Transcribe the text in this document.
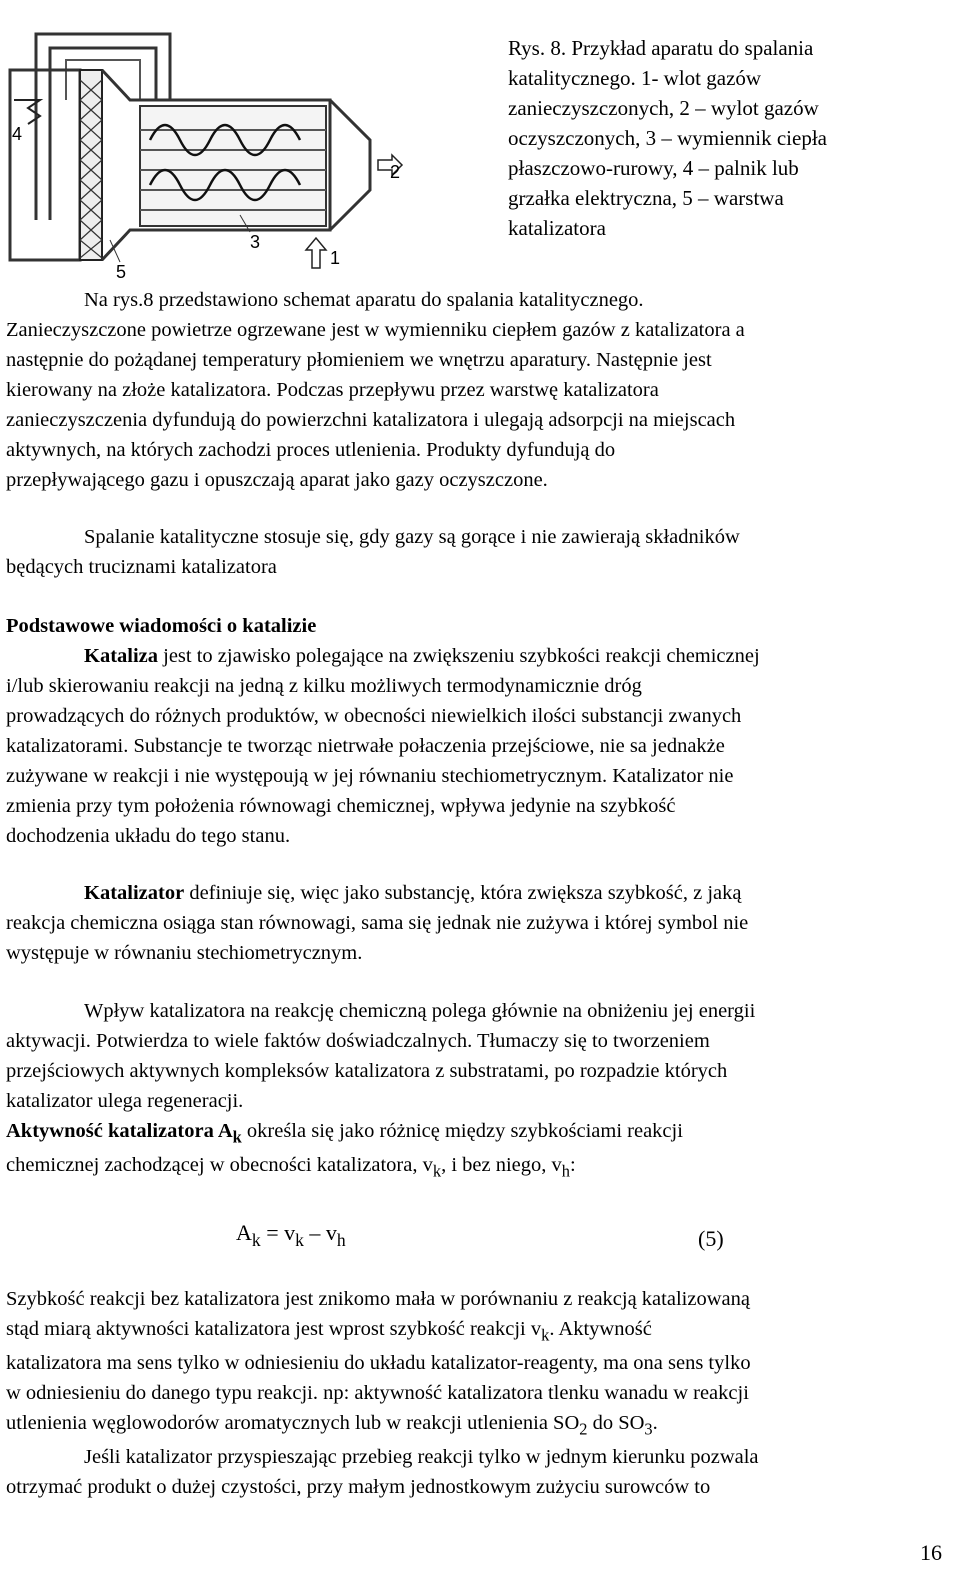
4
2
3
5
1
Rys. 8. Przykład aparatu do spalania
katalitycznego. 1- wlot gazów
zanieczyszczonych, 2 – wylot gazów
oczyszczonych, 3 – wymiennik ciepła
płaszczowo-rurowy, 4 – palnik lub
grzałka elektryczna, 5 – warstwa
katalizatora
Na rys.8 przedstawiono schemat aparatu do spalania katalitycznego.
Zanieczyszczone powietrze ogrzewane jest w wymienniku ciepłem gazów z katalizatora a
następnie do pożądanej temperatury płomieniem we wnętrzu aparatury. Następnie jest
kierowany na złoże katalizatora. Podczas przepływu przez warstwę katalizatora
zanieczyszczenia dyfundują do powierzchni katalizatora i ulegają adsorpcji na miejscach
aktywnych, na których zachodzi proces utlenienia. Produkty dyfundują do
przepływającego gazu i opuszczają aparat jako gazy oczyszczone.
Spalanie katalityczne stosuje się, gdy gazy są gorące i nie zawierają składników
będących truciznami katalizatora
Podstawowe wiadomości o katalizie
Kataliza jest to zjawisko polegające na zwiększeniu szybkości reakcji chemicznej
i/lub skierowaniu reakcji na jedną z kilku możliwych termodynamicznie dróg
prowadzących do różnych produktów, w obecności niewielkich ilości substancji zwanych
katalizatorami. Substancje te tworząc nietrwałe połaczenia przejściowe, nie sa jednakże
zużywane w reakcji i nie występoują w jej równaniu stechiometrycznym. Katalizator nie
zmienia przy tym położenia równowagi chemicznej, wpływa jedynie na szybkość
dochodzenia układu do tego stanu.
Katalizator definiuje się, więc jako substancję, która zwiększa szybkość, z jaką
reakcja chemiczna osiąga stan równowagi, sama się jednak nie zużywa i której symbol nie
występuje w równaniu stechiometrycznym.
Wpływ katalizatora na reakcję chemiczną polega głównie na obniżeniu jej energii
aktywacji. Potwierdza to wiele faktów doświadczalnych. Tłumaczy się to tworzeniem
przejściowych aktywnych kompleksów katalizatora z substratami, po rozpadzie których
katalizator ulega regeneracji.
Aktywność katalizatora $A_k$ określa się jako różnicę między szybkościami reakcji
chemicznej zachodzącej w obecności katalizatora, $v_k$, i bez niego, $v_h$:
$A_k = v_k - v_h$	(5)
Szybkość reakcji bez katalizatora jest znikomo mała w porównaniu z reakcją katalizowaną
stąd miarą aktywności katalizatora jest wprost szybkość reakcji $v_k$. Aktywność
katalizatora ma sens tylko w odniesieniu do układu katalizator-reagenty, ma ona sens tylko
w odniesieniu do danego typu reakcji. np: aktywność katalizatora tlenku wanadu w reakcji
utlenienia węglowodorów aromatycznych lub w reakcji utlenienia $SO_2$ do $SO_3$.
Jeśli katalizator przyspieszając przebieg reakcji tylko w jednym kierunku pozwala
otrzymać produkt o dużej czystości, przy małym jednostkowym zużyciu surowców to
16
